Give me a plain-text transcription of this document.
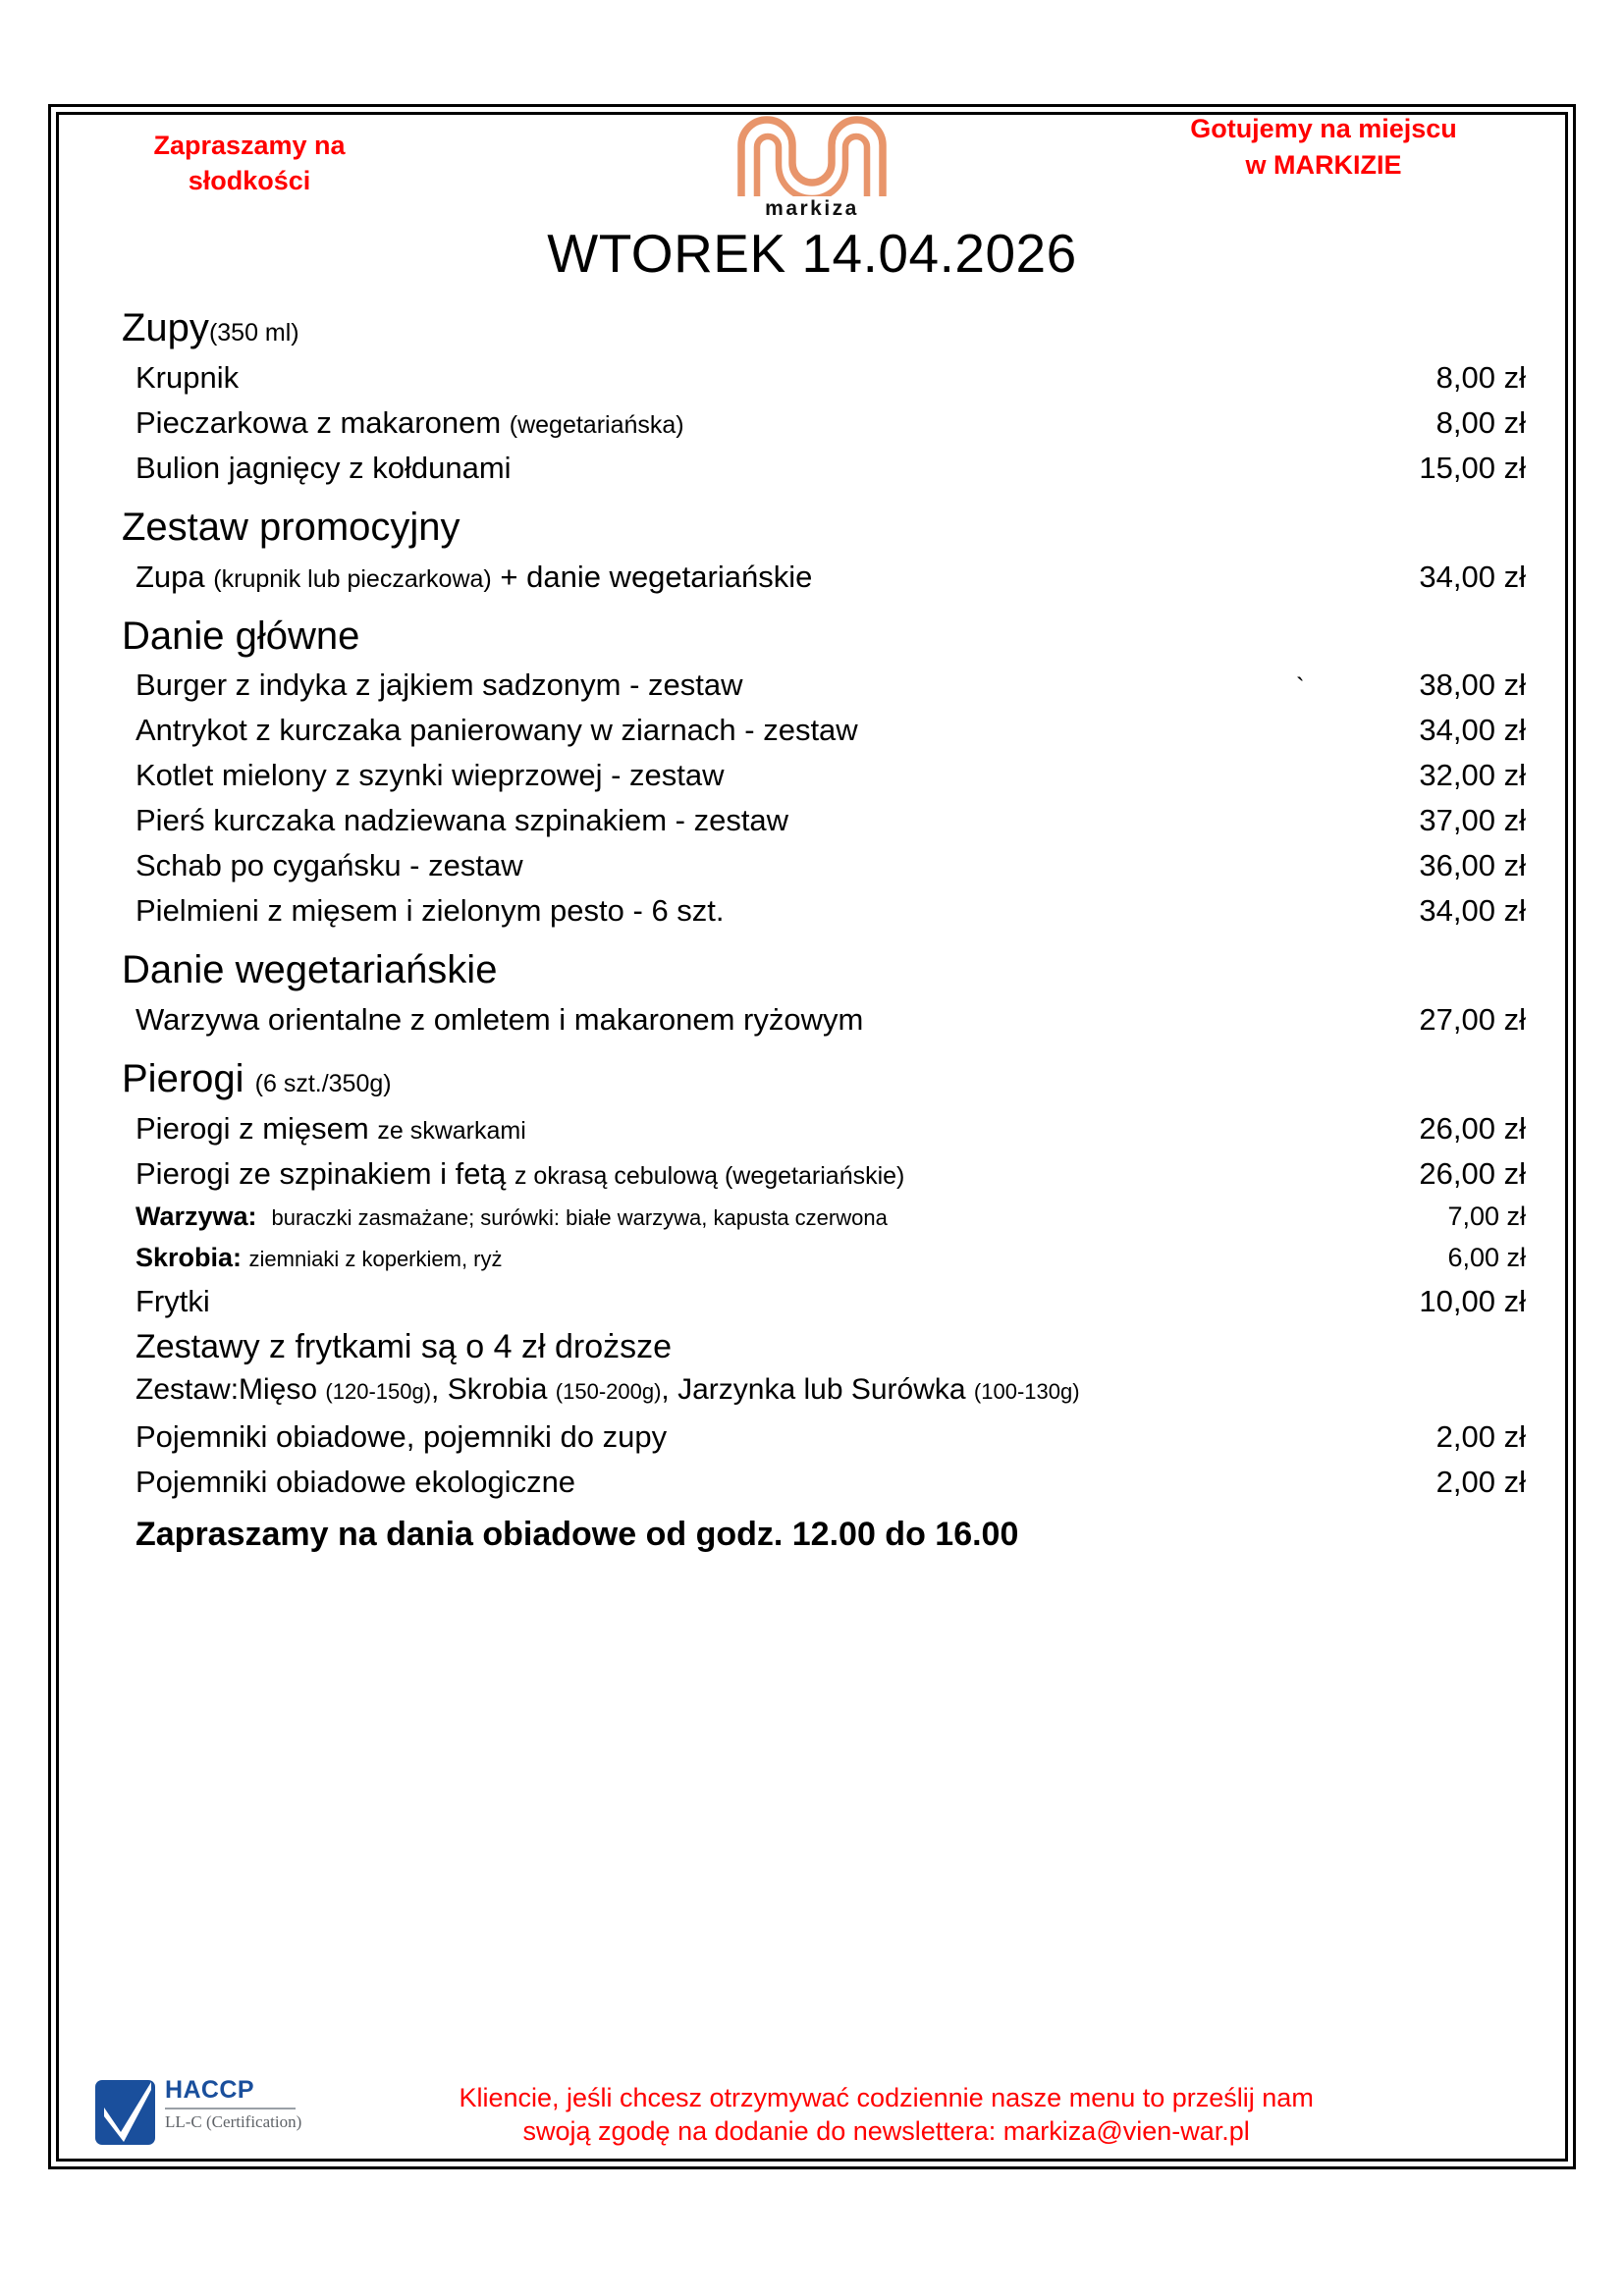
Zapraszamy na
słodkości
markiza
Gotujemy na miejscu
w MARKIZIE
WTOREK 14.04.2026
`
Zupy(350 ml)
Krupnik	8,00 zł
Pieczarkowa z makaronem (wegetariańska)	8,00 zł
Bulion jagnięcy z kołdunami	15,00 zł
Zestaw promocyjny
Zupa (krupnik lub pieczarkowa) + danie wegetariańskie	34,00 zł
Danie główne
Burger z indyka z jajkiem sadzonym - zestaw	38,00 zł
Antrykot z kurczaka panierowany w ziarnach - zestaw	34,00 zł
Kotlet mielony z szynki wieprzowej - zestaw	32,00 zł
Pierś kurczaka nadziewana szpinakiem - zestaw	37,00 zł
Schab po cygańsku - zestaw	36,00 zł
Pielmieni z mięsem i zielonym pesto - 6 szt.	34,00 zł
Danie wegetariańskie
Warzywa orientalne z omletem i makaronem ryżowym	27,00 zł
Pierogi (6 szt./350g)
Pierogi z mięsem ze skwarkami	26,00 zł
Pierogi ze szpinakiem i fetą z okrasą cebulową (wegetariańskie)	26,00 zł
Warzywa: buraczki zasmażane; surówki: białe warzywa, kapusta czerwona	7,00 zł
Skrobia: ziemniaki z koperkiem, ryż	6,00 zł
Frytki	10,00 zł
Zestawy z frytkami są o 4 zł droższe
Zestaw:Mięso (120-150g), Skrobia (150-200g), Jarzynka lub Surówka (100-130g)
Pojemniki obiadowe, pojemniki do zupy	2,00 zł
Pojemniki obiadowe ekologiczne	2,00 zł
Zapraszamy na dania obiadowe od godz. 12.00 do 16.00
HACCP
LL-C (Certification)
Kliencie, jeśli chcesz otrzymywać codziennie nasze menu to prześlij nam
swoją zgodę na dodanie do newslettera: markiza@vien-war.pl
